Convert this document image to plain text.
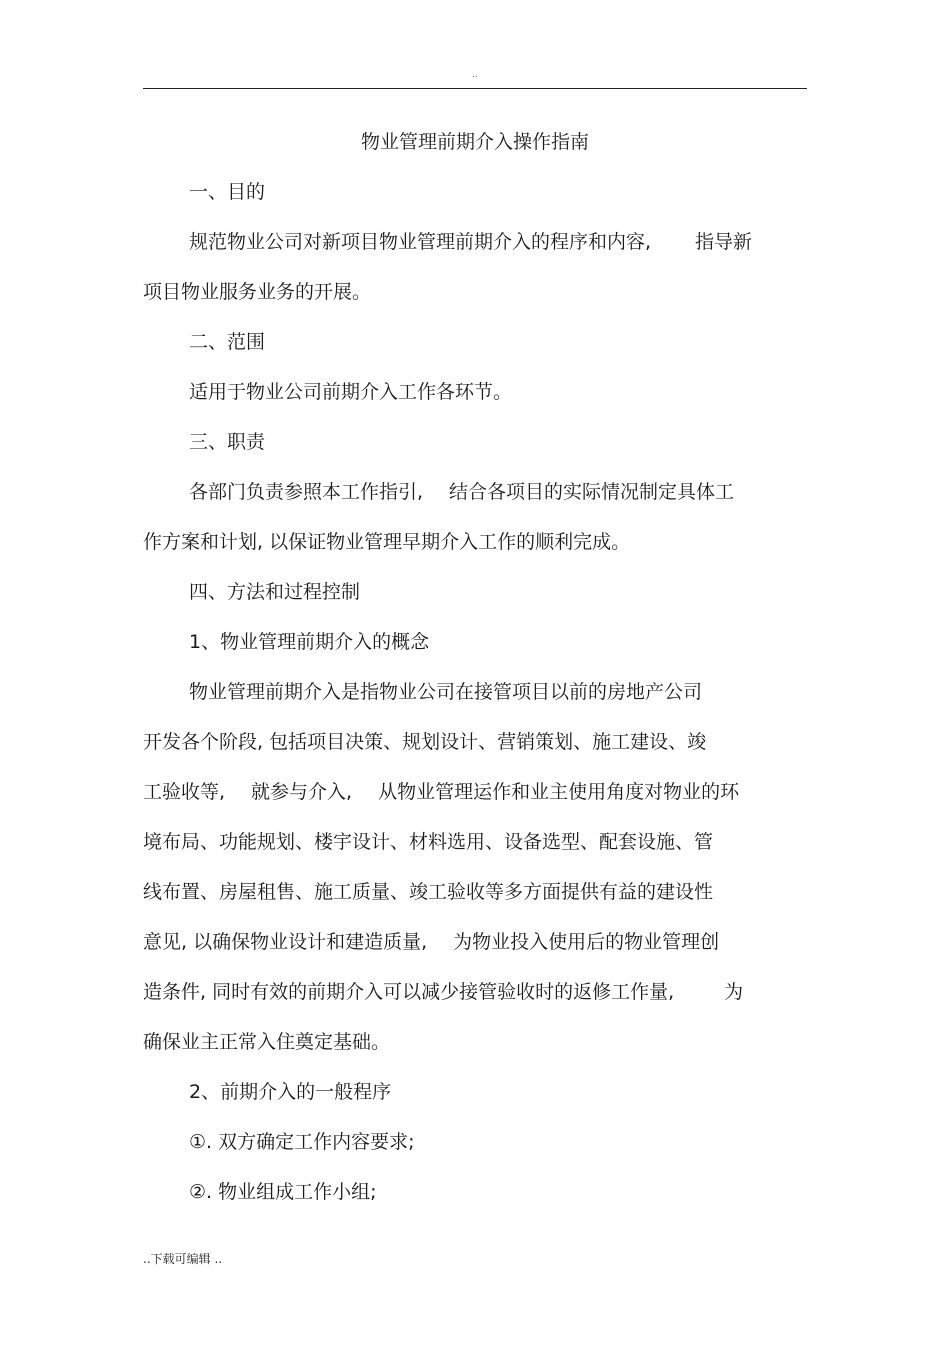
..
物业管理前期介入操作指南
一、目的
规范物业公司对新项目物业管理前期介入的程序和内容, 指导新
项目物业服务业务的开展。
二、范围
适用于物业公司前期介入工作各环节。
三、职责
各部门负责参照本工作指引, 结合各项目的实际情况制定具体工
作方案和计划, 以保证物业管理早期介入工作的顺利完成。
四、方法和过程控制
1、物业管理前期介入的概念
物业管理前期介入是指物业公司在接管项目以前的房地产公司
开发各个阶段, 包括项目决策、规划设计、营销策划、施工建设、竣
工验收等, 就参与介入, 从物业管理运作和业主使用角度对物业的环
境布局、功能规划、楼宇设计、材料选用、设备选型、配套设施、管
线布置、房屋租售、施工质量、竣工验收等多方面提供有益的建设性
意见, 以确保物业设计和建造质量, 为物业投入使用后的物业管理创
造条件, 同时有效的前期介入可以减少接管验收时的返修工作量,	为
确保业主正常入住奠定基础。
2、前期介入的一般程序
①. 双方确定工作内容要求;
②. 物业组成工作小组;
..下载可编辑 ..
